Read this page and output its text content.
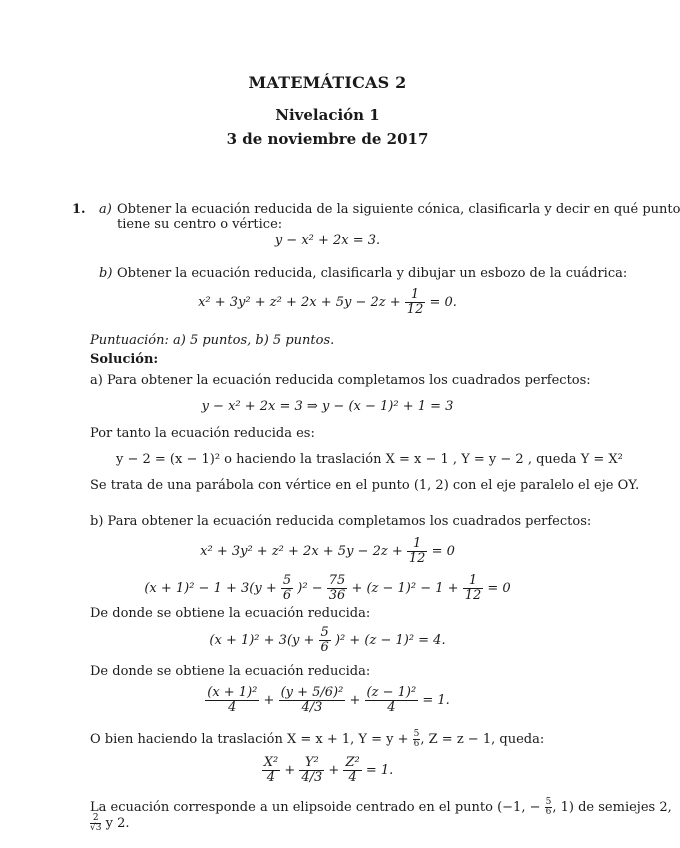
MATEMÁTICAS 2
Nivelación 1
3 de noviembre de 2017
1. a) Obtener la ecuación reducida de la siguiente cónica, clasificarla y decir en qué punto
tiene su centro o vértice:
y − x² + 2x = 3.
b) Obtener la ecuación reducida, clasificarla y dibujar un esbozo de la cuádrica:
$x^2 + 3y^2 + z^2 + 2x + 5y - 2z + \frac{1}{12} = 0$.
Puntuación: a) 5 puntos, b) 5 puntos.
Solución:
a) Para obtener la ecuación reducida completamos los cuadrados perfectos:
y − x² + 2x = 3 ⇒ y − (x − 1)² + 1 = 3
Por tanto la ecuación reducida es:
y − 2 = (x − 1)² o haciendo la traslación X = x − 1 , Y = y − 2 , queda Y = X²
Se trata de una parábola con vértice en el punto (1, 2) con el eje paralelo el eje OY.
b) Para obtener la ecuación reducida completamos los cuadrados perfectos:
$x^2 + 3y^2 + z^2 + 2x + 5y - 2z + \frac{1}{12} = 0$
$(x + 1)^2 - 1 + 3(y + \frac{5}{6} )^2 - \frac{75}{36} + (z - 1)^2 - 1 + \frac{1}{12} = 0$
De donde se obtiene la ecuación reducida:
$(x + 1)^2 + 3(y + \frac{5}{6} )^2 + (z - 1)^2 = 4$.
De donde se obtiene la ecuación reducida:
$\frac{\text{(x + 1)²}}{4} + \frac{\text{(y + 5/6)²}}{4/3} + \frac{\text{(z − 1)²}}{4} = 1$.
O bien haciendo la traslación X = x + 1, $Y = y + \frac{5}{6}$ , Z = z − 1, queda:
$\frac{\text{X²}}{4} + \frac{\text{Y²}}{4/3} + \frac{\text{Z²}}{4} = 1$.
La ecuación corresponde a un elipsoide centrado en el punto (−1, − $\frac{5}{6}$ , 1) de semiejes 2,
$\frac{2}{√3}$ y 2.
